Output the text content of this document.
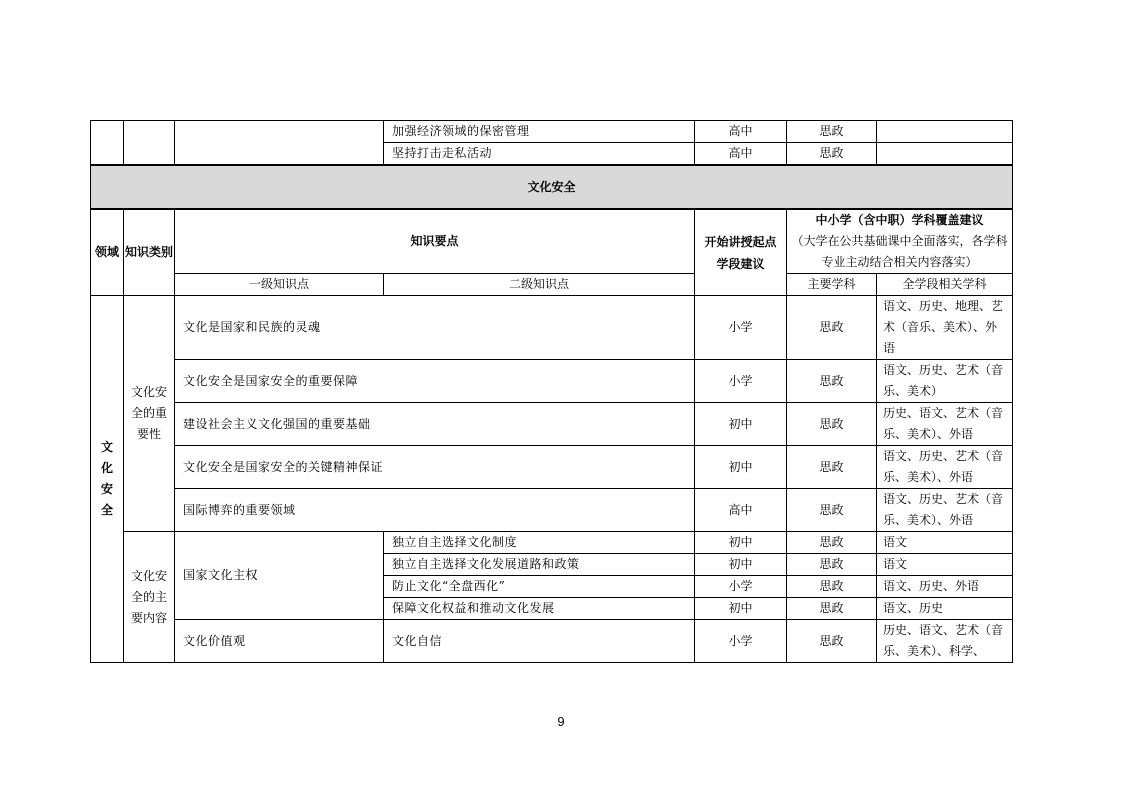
			加强经济领域的保密管理	高中	思政	
			坚持打击走私活动	高中	思政	
文化安全						
领域	知识类别	知识要点		开始讲授起点学段建议	中小学（含中职）学科覆盖建议
（大学在公共基础课中全面落实，各学科专业主动结合相关内容落实）	

		一级知识点	二级知识点		主要学科	全学段相关学科
文化安全	文化安全的重要性	文化是国家和民族的灵魂		小学	思政	语文、历史、地理、艺术（音乐、美术）、外语
		文化安全是国家安全的重要保障		小学	思政	语文、历史、艺术（音乐、美术）
		建设社会主义文化强国的重要基础		初中	思政	历史、语文、艺术（音乐、美术）、外语
		文化安全是国家安全的关键精神保证		初中	思政	语文、历史、艺术（音乐、美术）、外语
		国际博弈的重要领域		高中	思政	语文、历史、艺术（音乐、美术）、外语
	文化安全的主要内容	国家文化主权	独立自主选择文化制度	初中	思政	语文
			独立自主选择文化发展道路和政策	初中	思政	语文
			防止文化“全盘西化”	小学	思政	语文、历史、外语
			保障文化权益和推动文化发展	初中	思政	语文、历史
		文化价值观	文化自信	小学	思政	历史、语文、艺术（音乐、美术）、科学、
9
